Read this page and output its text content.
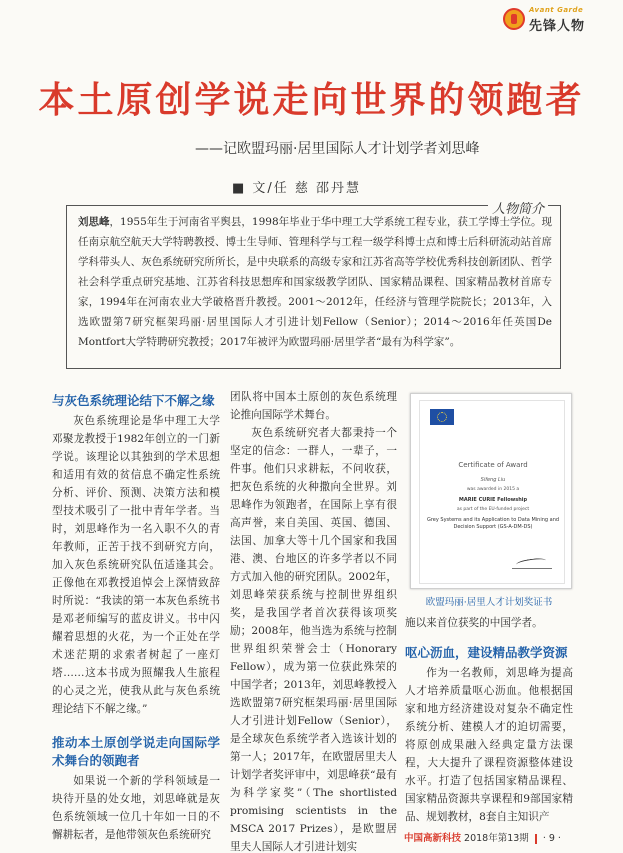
Avant Garde
先锋人物
本土原创学说走向世界的领跑者
——记欧盟玛丽·居里国际人才计划学者刘思峰
■ 文/任 慈 邵丹慧
人物简介
刘思峰，1955年生于河南省平舆县，1998年毕业于华中理工大学系统工程专业，获工学博士学位。现任南京航空航天大学特聘教授、博士生导师、管理科学与工程一级学科博士点和博士后科研流动站首席学科带头人、灰色系统研究所所长，是中央联系的高级专家和江苏省高等学校优秀科技创新团队、哲学社会科学重点研究基地、江苏省科技思想库和国家级教学团队、国家精品课程、国家精品教材首席专家，1994年在河南农业大学破格晋升教授。2001～2012年，任经济与管理学院院长；2013年，入选欧盟第7研究框架玛丽·居里国际人才引进计划Fellow（Senior）；2014～2016年任英国De Montfort大学特聘研究教授；2017年被评为欧盟玛丽·居里学者“最有为科学家”。
与灰色系统理论结下不解之缘

灰色系统理论是华中理工大学邓聚龙教授于1982年创立的一门新学说。该理论以其独到的学术思想和适用有效的贫信息不确定性系统分析、评价、预测、决策方法和模型技术吸引了一批中青年学者。当时，刘思峰作为一名入职不久的青年教师，正苦于找不到研究方向，加入灰色系统研究队伍适逢其会。正像他在邓教授追悼会上深情致辞时所说：“我读的第一本灰色系统书是邓老师编写的蓝皮讲义。书中闪耀着思想的火花，为一个正处在学术迷茫期的求索者树起了一座灯塔……这本书成为照耀我人生旅程的心灵之光，使我从此与灰色系统理论结下不解之缘。”

推动本土原创学说走向国际学术舞台的领跑者

如果说一个新的学科领域是一块待开垦的处女地，刘思峰就是灰色系统领域一位几十年如一日的不懈耕耘者，是他带领灰色系统研究

团队将中国本土原创的灰色系统理论推向国际学术舞台。

灰色系统研究者大都秉持一个坚定的信念：一群人，一辈子，一件事。他们只求耕耘，不问收获，把灰色系统的火种撒向全世界。刘思峰作为领跑者，在国际上享有很高声誉，来自美国、英国、德国、法国、加拿大等十几个国家和我国港、澳、台地区的许多学者以不同方式加入他的研究团队。2002年，刘思峰荣获系统与控制世界组织奖，是我国学者首次获得该项奖励；2008年，他当选为系统与控制世界组织荣誉会士（Honorary Fellow），成为第一位获此殊荣的中国学者；2013年，刘思峰教授入选欧盟第7研究框架玛丽·居里国际人才引进计划Fellow（Senior），是全球灰色系统学者入选该计划的第一人；2017年，在欧盟居里夫人计划学者奖评审中，刘思峰获“最有为科学家奖”（The shortlisted promising scientists in the MSCA 2017 Prizes），是欧盟居里夫人国际人才引进计划实

Certificate of Award
Sifeng Liu
was awarded in 2015 a
MARIE CURIE Fellowship
as part of the EU-funded project
Grey Systems and its Application to Data Mining and Decision Support (GS-A-DM-DS)
欧盟玛丽·居里人才计划奖证书

施以来首位获奖的中国学者。

呕心沥血，建设精品教学资源

作为一名教师，刘思峰为提高人才培养质量呕心沥血。他根据国家和地方经济建设对复杂不确定性系统分析、建模人才的迫切需要，将原创成果融入经典定量方法课程，大大提升了课程资源整体建设水平。打造了包括国家精品课程、国家精品资源共享课程和9部国家精品、规划教材，8套自主知识产

中国高新科技 2018年第13期 · 9 ·
